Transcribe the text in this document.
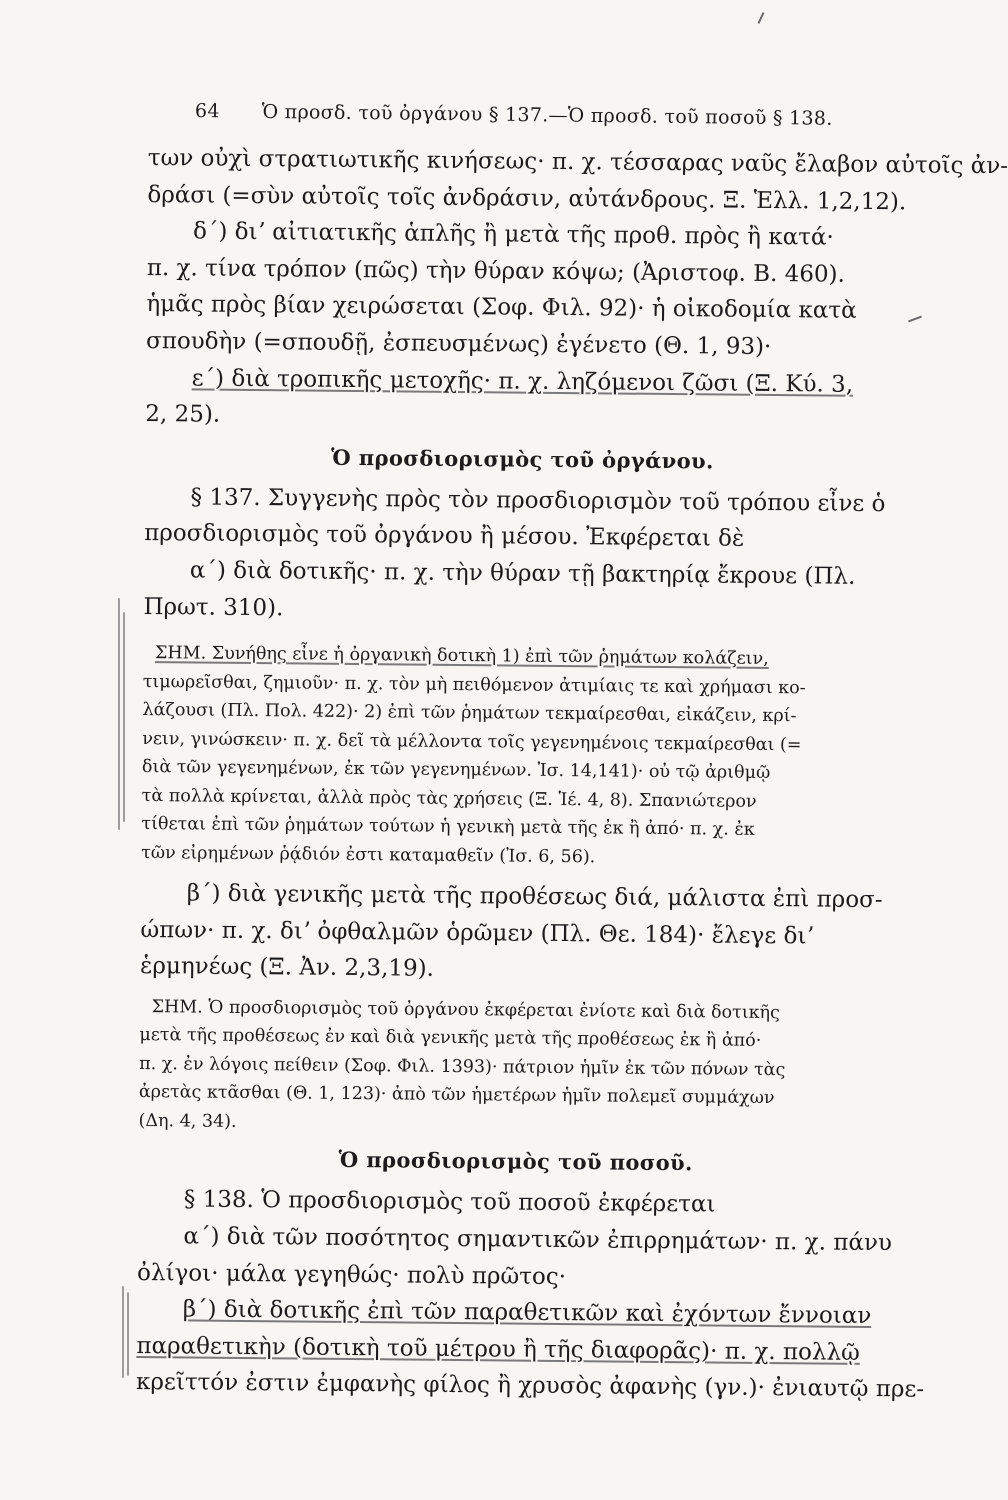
64 Ὁ προσδ. τοῦ ὀργάνου § 137.—Ὁ προσδ. τοῦ ποσοῦ § 138.
των οὐχὶ στρατιωτικῆς κινήσεως· π. χ. τέσσαρας ναῦς ἔλαβον αὐτοῖς ἀν-
δράσι (=σὺν αὐτοῖς τοῖς ἀνδράσιν, αὐτάνδρους. Ξ. Ἑλλ. 1,2,12).
δ΄) διʼ αἰτιατικῆς ἁπλῆς ἢ μετὰ τῆς προθ. πρὸς ἢ κατά·
π. χ. τίνα τρόπον (πῶς) τὴν θύραν κόψω; (Ἀριστοφ. Β. 460).
ἡμᾶς πρὸς βίαν χειρώσεται (Σοφ. Φιλ. 92)· ἡ οἰκοδομία κατὰ
σπουδὴν (=σπουδῇ, ἐσπευσμένως) ἐγένετο (Θ. 1, 93)·
ε΄) διὰ τροπικῆς μετοχῆς· π. χ. ληζόμενοι ζῶσι (Ξ. Κύ. 3,
2, 25).
Ὁ προσδιορισμὸς τοῦ ὀργάνου.
§ 137. Συγγενὴς πρὸς τὸν προσδιορισμὸν τοῦ τρόπου εἶνε ὁ
προσδιορισμὸς τοῦ ὀργάνου ἢ μέσου. Ἐκφέρεται δὲ
α΄) διὰ δοτικῆς· π. χ. τὴν θύραν τῇ βακτηρίᾳ ἔκρουε (Πλ.
Πρωτ. 310).
ΣΗΜ. Συνήθης εἶνε ἡ ὀργανικὴ δοτικὴ 1) ἐπὶ τῶν ῥημάτων κολάζειν,
τιμωρεῖσθαι, ζημιοῦν· π. χ. τὸν μὴ πειθόμενον ἀτιμίαις τε καὶ χρήμασι κο-
λάζουσι (Πλ. Πολ. 422)· 2) ἐπὶ τῶν ῥημάτων τεκμαίρεσθαι, εἰκάζειν, κρί-
νειν, γινώσκειν· π. χ. δεῖ τὰ μέλλοντα τοῖς γεγενημένοις τεκμαίρεσθαι (=
διὰ τῶν γεγενημένων, ἐκ τῶν γεγενημένων. Ἰσ. 14,141)· οὐ τῷ ἀριθμῷ
τὰ πολλὰ κρίνεται, ἀλλὰ πρὸς τὰς χρήσεις (Ξ. Ἱέ. 4, 8). Σπανιώτερον
τίθεται ἐπὶ τῶν ῥημάτων τούτων ἡ γενικὴ μετὰ τῆς ἐκ ἢ ἀπό· π. χ. ἐκ
τῶν εἰρημένων ῥᾴδιόν ἐστι καταμαθεῖν (Ἰσ. 6, 56).
β΄) διὰ γενικῆς μετὰ τῆς προθέσεως διά, μάλιστα ἐπὶ προσ-
ώπων· π. χ. διʼ ὀφθαλμῶν ὁρῶμεν (Πλ. Θε. 184)· ἔλεγε διʼ
ἑρμηνέως (Ξ. Ἀν. 2,3,19).
ΣΗΜ. Ὁ προσδιορισμὸς τοῦ ὀργάνου ἐκφέρεται ἐνίοτε καὶ διὰ δοτικῆς
μετὰ τῆς προθέσεως ἐν καὶ διὰ γενικῆς μετὰ τῆς προθέσεως ἐκ ἢ ἀπό·
π. χ. ἐν λόγοις πείθειν (Σοφ. Φιλ. 1393)· πάτριον ἡμῖν ἐκ τῶν πόνων τὰς
ἀρετὰς κτᾶσθαι (Θ. 1, 123)· ἀπὸ τῶν ἡμετέρων ἡμῖν πολεμεῖ συμμάχων
(Δη. 4, 34).
Ὁ προσδιορισμὸς τοῦ ποσοῦ.
§ 138. Ὁ προσδιορισμὸς τοῦ ποσοῦ ἐκφέρεται
α΄) διὰ τῶν ποσότητος σημαντικῶν ἐπιρρημάτων· π. χ. πάνυ
ὀλίγοι· μάλα γεγηθώς· πολὺ πρῶτος·
β΄) διὰ δοτικῆς ἐπὶ τῶν παραθετικῶν καὶ ἐχόντων ἔννοιαν
παραθετικὴν (δοτικὴ τοῦ μέτρου ἢ τῆς διαφορᾶς)· π. χ. πολλῷ
κρεῖττόν ἐστιν ἐμφανὴς φίλος ἢ χρυσὸς ἀφανὴς (γν.)· ἐνιαυτῷ πρε-
